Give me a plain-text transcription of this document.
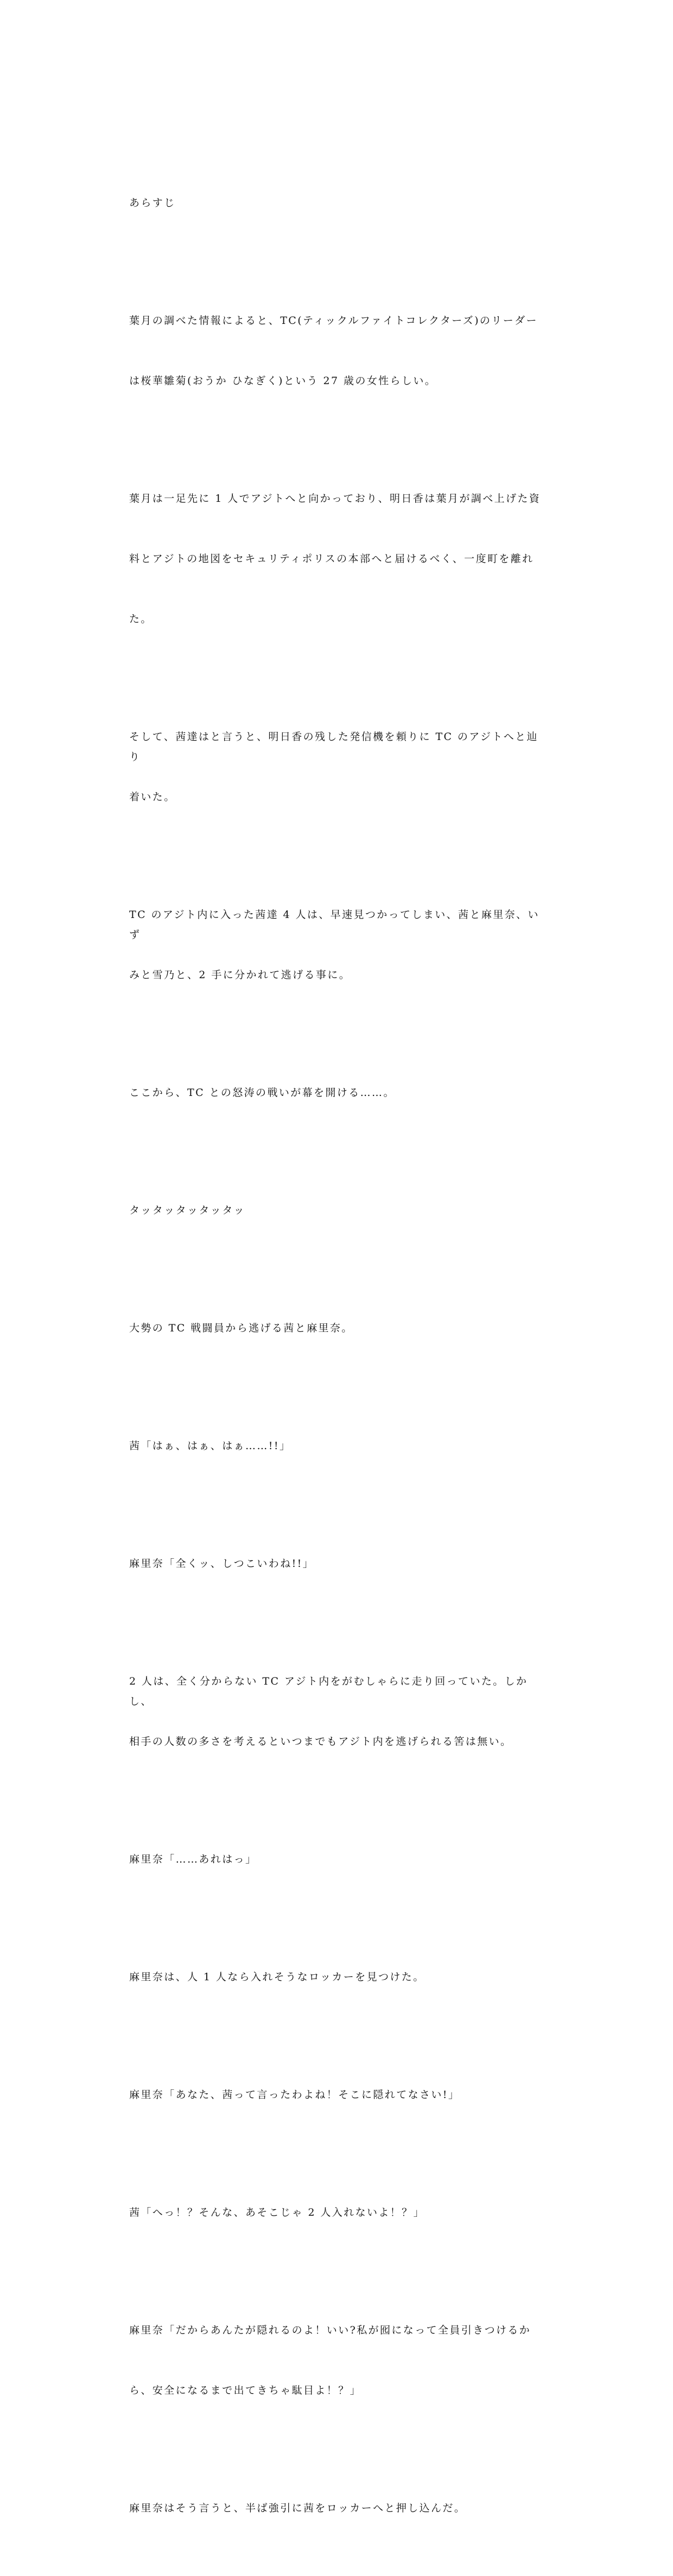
あらすじ

葉月の調べた情報によると、TC(ティックルファイトコレクターズ)のリーダー

は桜華雛菊(おうか ひなぎく)という 27 歳の女性らしい。

葉月は一足先に 1 人でアジトへと向かっており、明日香は葉月が調べ上げた資

料とアジトの地図をセキュリティポリスの本部へと届けるべく、一度町を離れ

た。

そして、茜達はと言うと、明日香の残した発信機を頼りに TC のアジトへと辿り

着いた。

TC のアジト内に入った茜達 4 人は、早速見つかってしまい、茜と麻里奈、いず

みと雪乃と、2 手に分かれて逃げる事に。

ここから、TC との怒涛の戦いが幕を開ける……。

タッタッタッタッタッ

大勢の TC 戦闘員から逃げる茜と麻里奈。

茜「はぁ、はぁ、はぁ……!!」

麻里奈「全くッ、しつこいわね!!」

2 人は、全く分からない TC アジト内をがむしゃらに走り回っていた。しかし、

相手の人数の多さを考えるといつまでもアジト内を逃げられる筈は無い。

麻里奈「……あれはっ」

麻里奈は、人 1 人なら入れそうなロッカーを見つけた。

麻里奈「あなた、茜って言ったわよね！そこに隠れてなさい!」

茜「へっ！？そんな、あそこじゃ 2 人入れないよ！？」

麻里奈「だからあんたが隠れるのよ！いい?私が囮になって全員引きつけるか

ら、安全になるまで出てきちゃ駄目よ！？」

麻里奈はそう言うと、半ば強引に茜をロッカーへと押し込んだ。
